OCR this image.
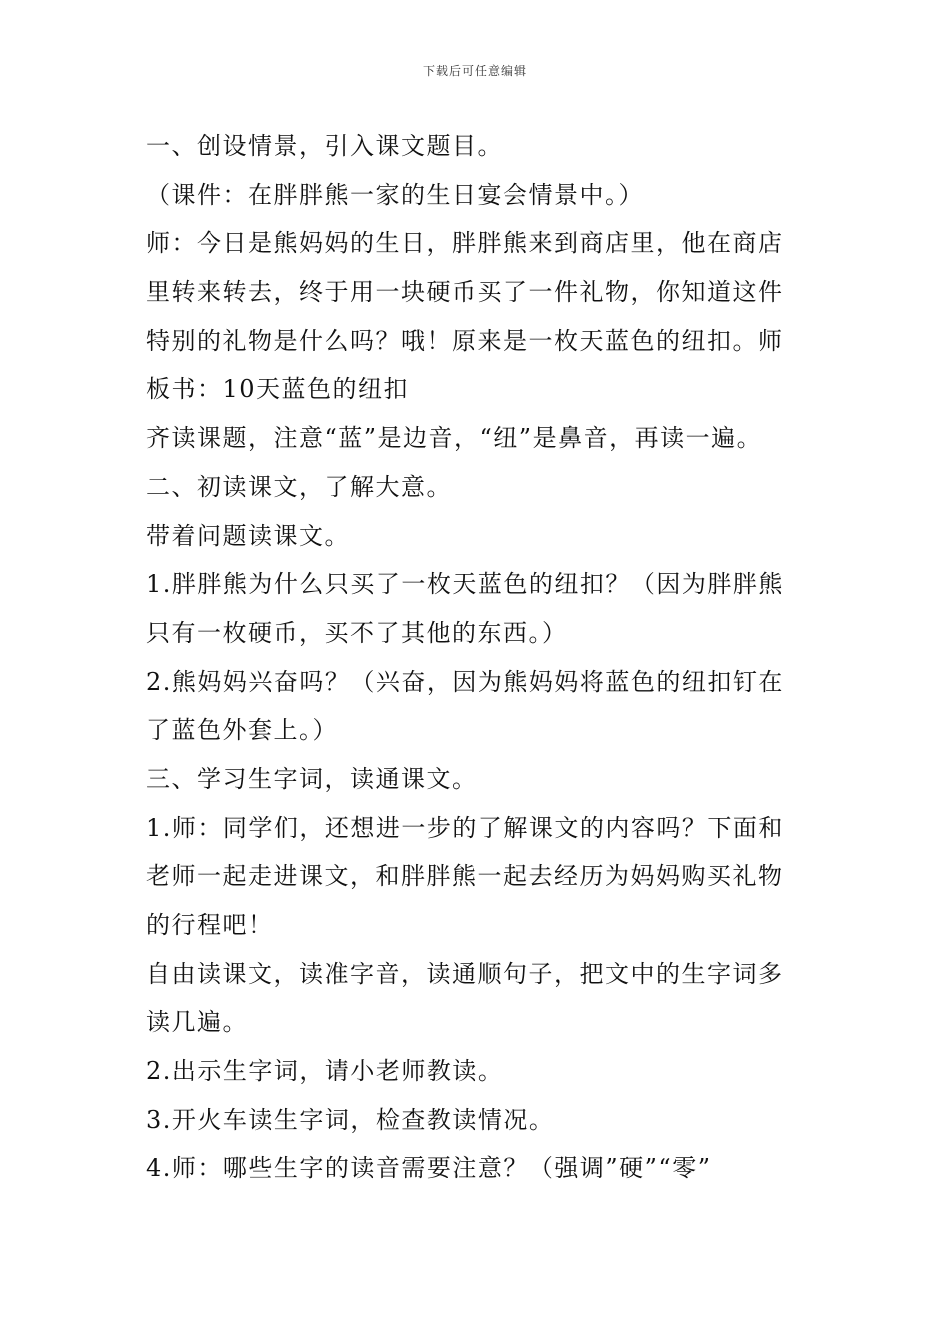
下载后可任意编辑
一、创设情景，引入课文题目。
（课件：在胖胖熊一家的生日宴会情景中。）
师：今日是熊妈妈的生日，胖胖熊来到商店里，他在商店
里转来转去，终于用一块硬币买了一件礼物，你知道这件
特别的礼物是什么吗？哦！原来是一枚天蓝色的纽扣。师
板书：10天蓝色的纽扣
齐读课题，注意“蓝”是边音，“纽”是鼻音，再读一遍。
二、初读课文，了解大意。
带着问题读课文。
1.胖胖熊为什么只买了一枚天蓝色的纽扣？（因为胖胖熊
只有一枚硬币，买不了其他的东西。）
2.熊妈妈兴奋吗？（兴奋，因为熊妈妈将蓝色的纽扣钉在
了蓝色外套上。）
三、学习生字词，读通课文。
1.师：同学们，还想进一步的了解课文的内容吗？下面和
老师一起走进课文，和胖胖熊一起去经历为妈妈购买礼物
的行程吧！
自由读课文，读准字音，读通顺句子，把文中的生字词多
读几遍。
2.出示生字词，请小老师教读。
3.开火车读生字词，检查教读情况。
4.师：哪些生字的读音需要注意？（强调”硬”“零”
